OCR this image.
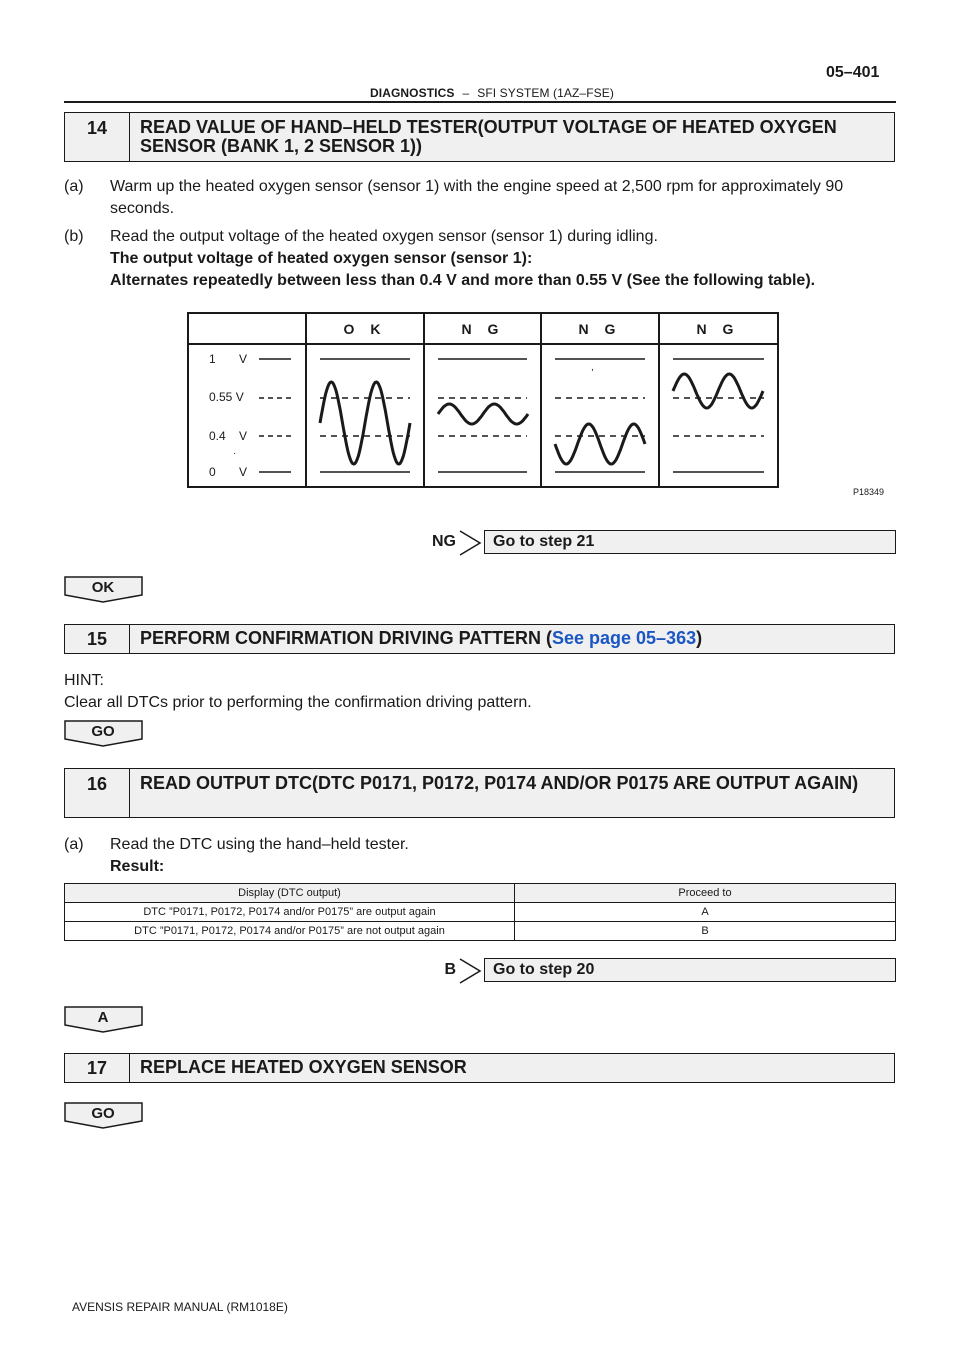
05–401
DIAGNOSTICS – SFI SYSTEM (1AZ–FSE)
14	READ VALUE OF HAND–HELD TESTER(OUTPUT VOLTAGE OF HEATED OXYGEN SENSOR (BANK 1, 2 SENSOR 1))
(a) Warm up the heated oxygen sensor (sensor 1) with the engine speed at 2,500 rpm for approximately 90 seconds.
(b) Read the output voltage of the heated oxygen sensor (sensor 1) during idling.
The output voltage of heated oxygen sensor (sensor 1):
Alternates repeatedly between less than 0.4 V and more than 0.55 V (See the following table).
O K	N G	N G	N G
1 V
0.55 V
0.4 V
0 V
·
,
P18349
NG	Go to step 21
OK
15	PERFORM CONFIRMATION DRIVING PATTERN (See page 05–363)
HINT:
Clear all DTCs prior to performing the confirmation driving pattern.
GO
16	READ OUTPUT DTC(DTC P0171, P0172, P0174 AND/OR P0175 ARE OUTPUT AGAIN)
(a) Read the DTC using the hand–held tester.
Result:
Display (DTC output)	Proceed to
DTC ”P0171, P0172, P0174 and/or P0175” are output again	A
DTC ”P0171, P0172, P0174 and/or P0175” are not output again	B
B	Go to step 20
A
17	REPLACE HEATED OXYGEN SENSOR
GO
AVENSIS REPAIR MANUAL (RM1018E)
